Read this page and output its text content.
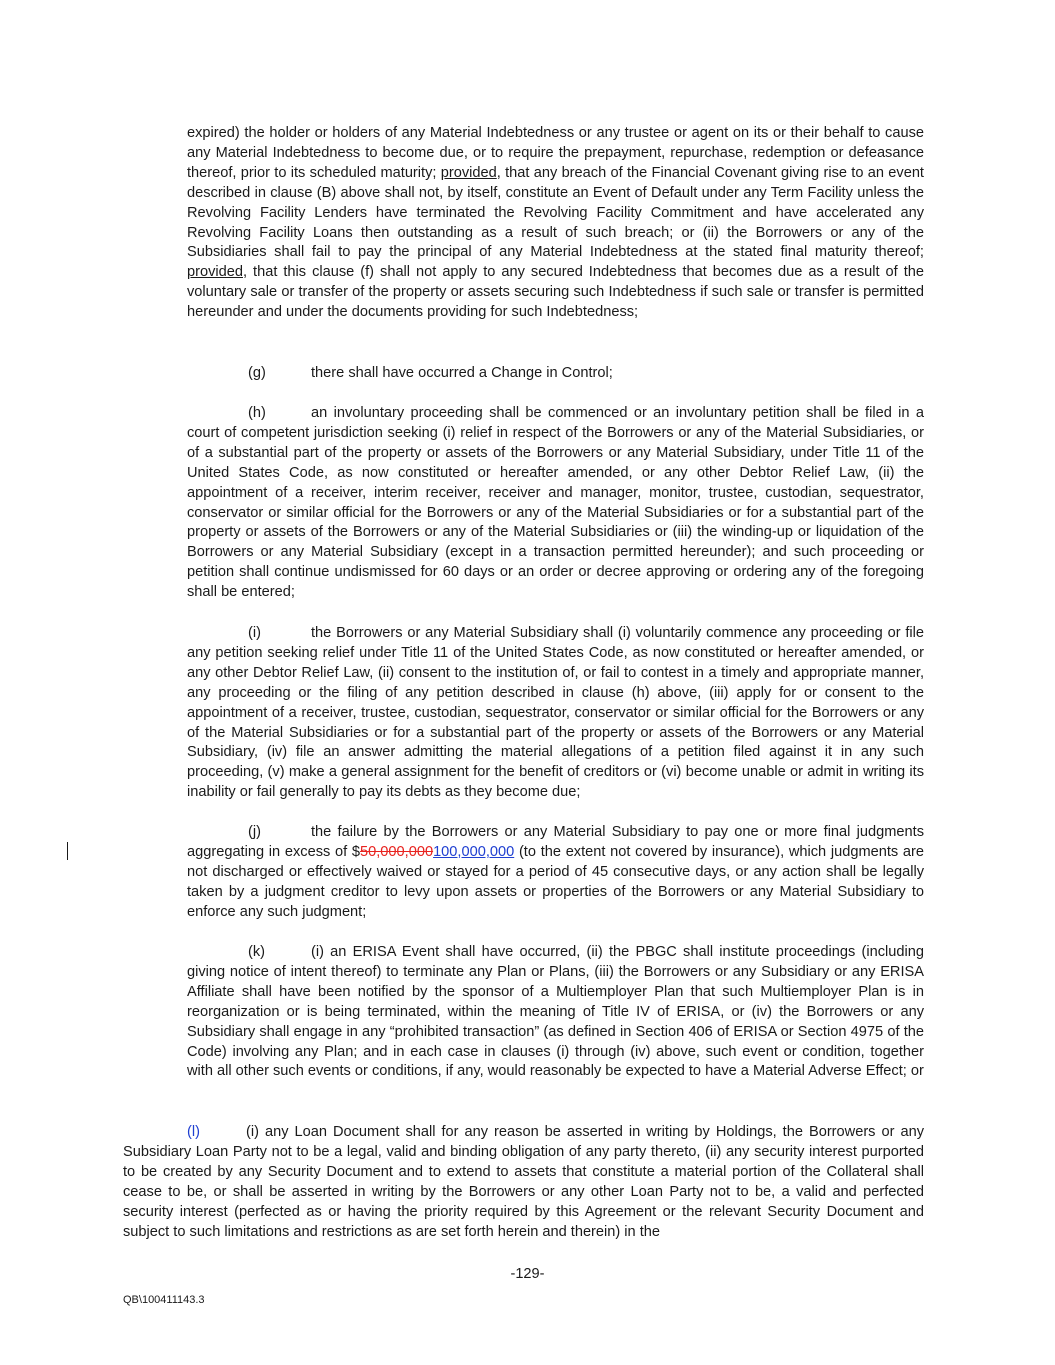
expired) the holder or holders of any Material Indebtedness or any trustee or agent on its or their behalf to cause any Material Indebtedness to become due, or to require the prepayment, repurchase, redemption or defeasance thereof, prior to its scheduled maturity; provided, that any breach of the Financial Covenant giving rise to an event described in clause (B) above shall not, by itself, constitute an Event of Default under any Term Facility unless the Revolving Facility Lenders have terminated the Revolving Facility Commitment and have accelerated any Revolving Facility Loans then outstanding as a result of such breach; or (ii) the Borrowers or any of the Subsidiaries shall fail to pay the principal of any Material Indebtedness at the stated final maturity thereof; provided, that this clause (f) shall not apply to any secured Indebtedness that becomes due as a result of the voluntary sale or transfer of the property or assets securing such Indebtedness if such sale or transfer is permitted hereunder and under the documents providing for such Indebtedness;

(g)	there shall have occurred a Change in Control;

(h)	an involuntary proceeding shall be commenced or an involuntary petition shall be filed in a court of competent jurisdiction seeking (i) relief in respect of the Borrowers or any of the Material Subsidiaries, or of a substantial part of the property or assets of the Borrowers or any Material Subsidiary, under Title 11 of the United States Code, as now constituted or hereafter amended, or any other Debtor Relief Law, (ii) the appointment of a receiver, interim receiver, receiver and manager, monitor, trustee, custodian, sequestrator, conservator or similar official for the Borrowers or any of the Material Subsidiaries or for a substantial part of the property or assets of the Borrowers or any of the Material Subsidiaries or (iii) the winding-up or liquidation of the Borrowers or any Material Subsidiary (except in a transaction permitted hereunder); and such proceeding or petition shall continue undismissed for 60 days or an order or decree approving or ordering any of the foregoing shall be entered;

(i)	the Borrowers or any Material Subsidiary shall (i) voluntarily commence any proceeding or file any petition seeking relief under Title 11 of the United States Code, as now constituted or hereafter amended, or any other Debtor Relief Law, (ii) consent to the institution of, or fail to contest in a timely and appropriate manner, any proceeding or the filing of any petition described in clause (h) above, (iii) apply for or consent to the appointment of a receiver, trustee, custodian, sequestrator, conservator or similar official for the Borrowers or any of the Material Subsidiaries or for a substantial part of the property or assets of the Borrowers or any Material Subsidiary, (iv) file an answer admitting the material allegations of a petition filed against it in any such proceeding, (v) make a general assignment for the benefit of creditors or (vi) become unable or admit in writing its inability or fail generally to pay its debts as they become due;

(j)	the failure by the Borrowers or any Material Subsidiary to pay one or more final judgments aggregating in excess of $50,000,000100,000,000 (to the extent not covered by insurance), which judgments are not discharged or effectively waived or stayed for a period of 45 consecutive days, or any action shall be legally taken by a judgment creditor to levy upon assets or properties of the Borrowers or any Material Subsidiary to enforce any such judgment;

(k)	(i) an ERISA Event shall have occurred, (ii) the PBGC shall institute proceedings (including giving notice of intent thereof) to terminate any Plan or Plans, (iii) the Borrowers or any Subsidiary or any ERISA Affiliate shall have been notified by the sponsor of a Multiemployer Plan that such Multiemployer Plan is in reorganization or is being terminated, within the meaning of Title IV of ERISA, or (iv) the Borrowers or any Subsidiary shall engage in any “prohibited transaction” (as defined in Section 406 of ERISA or Section 4975 of the Code) involving any Plan; and in each case in clauses (i) through (iv) above, such event or condition, together with all other such events or conditions, if any, would reasonably be expected to have a Material Adverse Effect; or

(l)	(i) any Loan Document shall for any reason be asserted in writing by Holdings, the Borrowers or any Subsidiary Loan Party not to be a legal, valid and binding obligation of any party thereto, (ii) any security interest purported to be created by any Security Document and to extend to assets that constitute a material portion of the Collateral shall cease to be, or shall be asserted in writing by the Borrowers or any other Loan Party not to be, a valid and perfected security interest (perfected as or having the priority required by this Agreement or the relevant Security Document and subject to such limitations and restrictions as are set forth herein and therein) in the

-129-
QB\100411143.3
